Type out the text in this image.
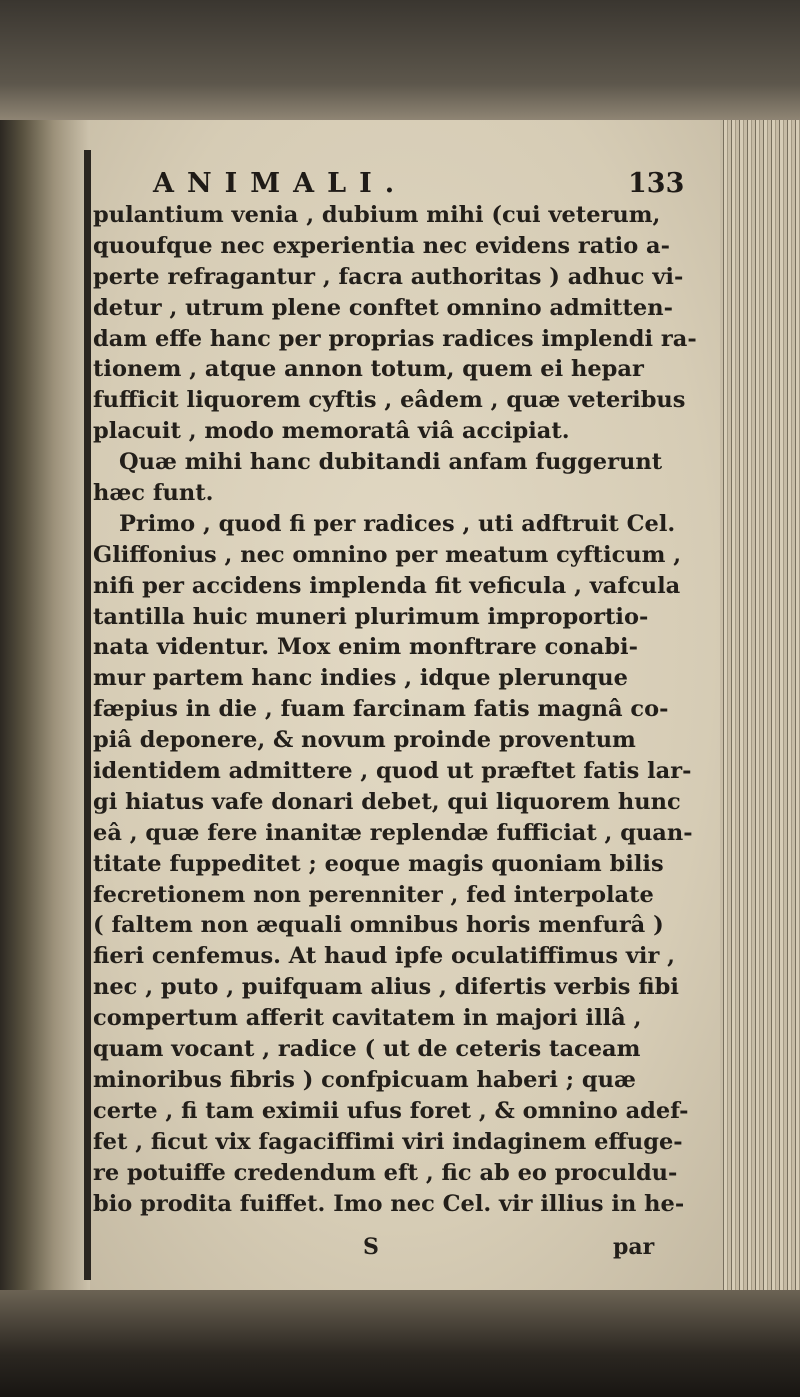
ANIMALI.	133
pulantium venia , dubium mihi (cui veterum,
quoufque nec experientia nec evidens ratio a-
perte refragantur , facra authoritas ) adhuc vi-
detur , utrum plene conftet omnino admitten-
dam effe hanc per proprias radices implendi ra-
tionem , atque annon totum, quem ei hepar
fufficit liquorem cyftis , eâdem , quæ veteribus
placuit , modo memoratâ viâ accipiat.
Quæ mihi hanc dubitandi anfam fuggerunt
hæc funt.
Primo , quod fi per radices , uti adftruit Cel.
Gliffonius , nec omnino per meatum cyfticum ,
nifi per accidens implenda fit veficula , vafcula
tantilla huic muneri plurimum improportio-
nata videntur. Mox enim monftrare conabi-
mur partem hanc indies , idque plerunque
fæpius in die , fuam farcinam fatis magnâ co-
piâ deponere, & novum proinde proventum
identidem admittere , quod ut præftet fatis lar-
gi hiatus vafe donari debet, qui liquorem hunc
eâ , quæ fere inanitæ replendæ fufficiat , quan-
titate fuppeditet ; eoque magis quoniam bilis
fecretionem non perenniter , fed interpolate
( faltem non æquali omnibus horis menfurâ )
fieri cenfemus. At haud ipfe oculatiffimus vir ,
nec , puto , puifquam alius , difertis verbis fibi
compertum afferit cavitatem in majori illâ ,
quam vocant , radice ( ut de ceteris taceam
minoribus fibris ) confpicuam haberi ; quæ
certe , fi tam eximii ufus foret , & omnino adef-
fet , ficut vix fagaciffimi viri indaginem effuge-
re potuiffe credendum eft , fic ab eo proculdu-
bio prodita fuiffet. Imo nec Cel. vir illius in he-
S	par
